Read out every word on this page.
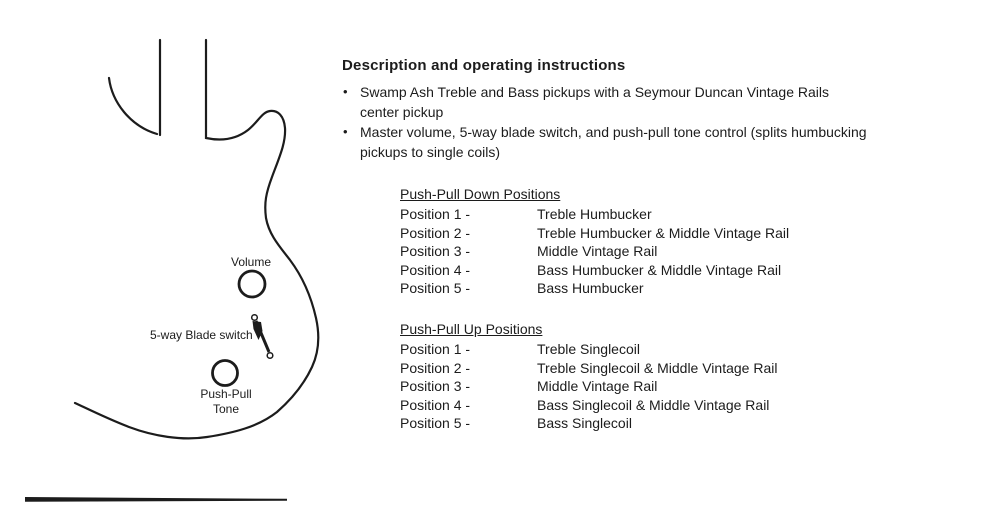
Volume
5-way Blade switch
Push-Pull
Tone
Description and operating instructions
• Swamp Ash Treble and Bass pickups with a Seymour Duncan Vintage Rails
center pickup
• Master volume, 5-way blade switch, and push-pull tone control (splits humbucking
pickups to single coils)
Push-Pull Down Positions
Position 1 -	Treble Humbucker
Position 2 -	Treble Humbucker & Middle Vintage Rail
Position 3 -	Middle Vintage Rail
Position 4 -	Bass Humbucker & Middle Vintage Rail
Position 5 -	Bass Humbucker
Push-Pull Up Positions
Position 1 -	Treble Singlecoil
Position 2 -	Treble Singlecoil & Middle Vintage Rail
Position 3 -	Middle Vintage Rail
Position 4 -	Bass Singlecoil & Middle Vintage Rail
Position 5 -	Bass Singlecoil
